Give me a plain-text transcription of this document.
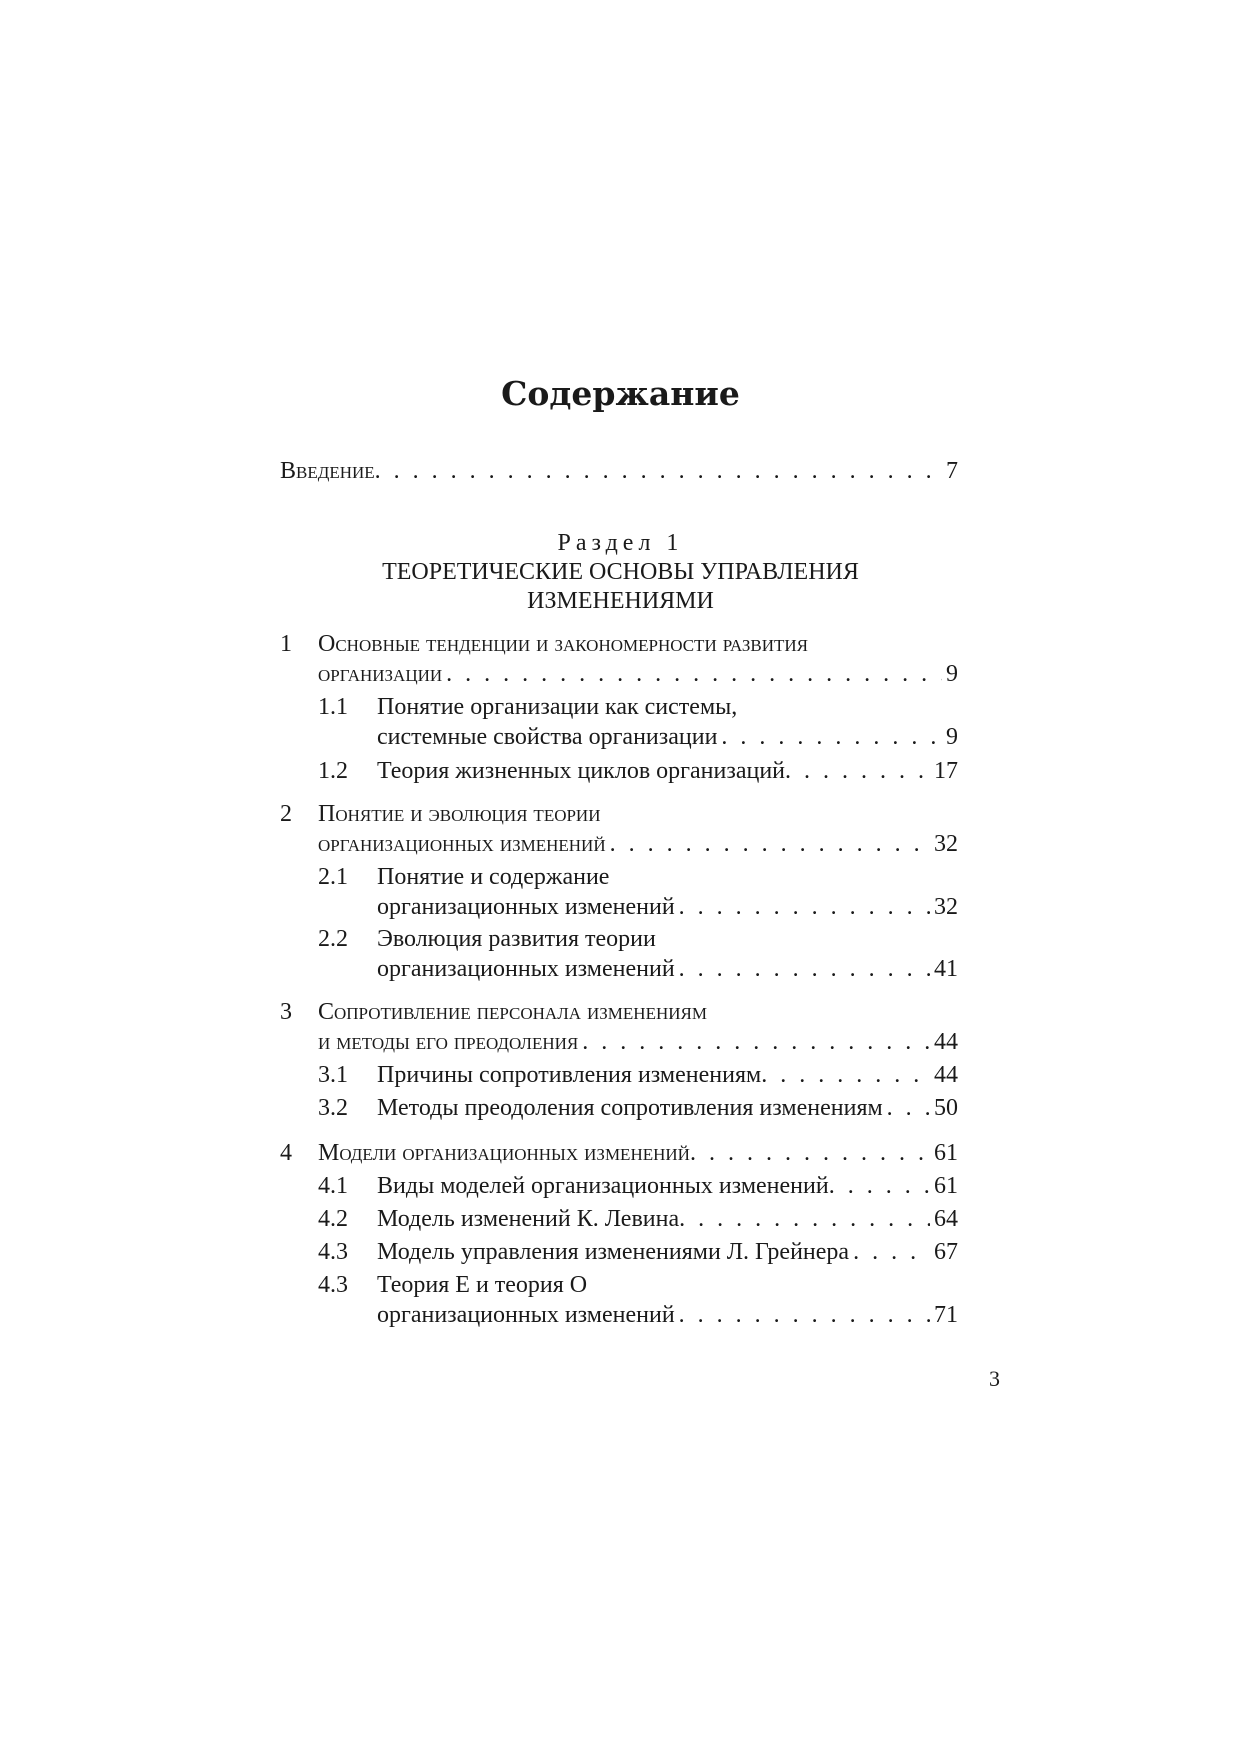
Содержание
Введение . . .	7
Раздел 1
ТЕОРЕТИЧЕСКИЕ ОСНОВЫ УПРАВЛЕНИЯ
ИЗМЕНЕНИЯМИ
1 Основные тенденции и закономерности развития
организации . . .	9
1.1 Понятие организации как системы,
системные свойства организации . . .	9
1.2 Теория жизненных циклов организаций . . .	17
2 Понятие и эволюция теории
организационных изменений . . .	32
2.1 Понятие и содержание
организационных изменений . . .	32
2.2 Эволюция развития теории
организационных изменений . . .	41
3 Сопротивление персонала изменениям
и методы его преодоления . . .	44
3.1 Причины сопротивления изменениям . . .	44
3.2 Методы преодоления сопротивления изменениям . . . 50
4 Модели организационных изменений . . .	61
4.1 Виды моделей организационных изменений . . .	61
4.2 Модель изменений К. Левина . . .	64
4.3 Модель управления изменениями Л. Грейнера . . .	67
4.3 Теория Е и теория О
организационных изменений . . .	71
3
